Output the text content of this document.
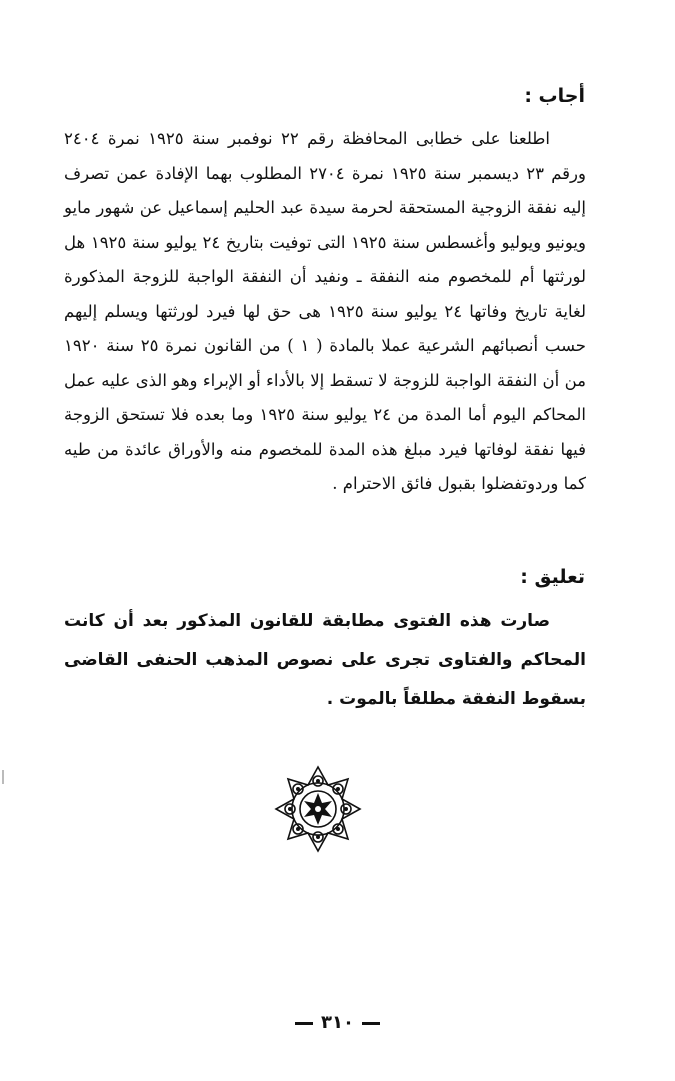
أجاب :

اطلعنا على خطابى المحافظة رقم ٢٢ نوفمبر سنة ١٩٢٥ نمرة ٢٤٠٤ ورقم ٢٣ ديسمبر سنة ١٩٢٥ نمرة ٢٧٠٤ المطلوب بهما الإفادة عمن تصرف إليه نفقة الزوجية المستحقة لحرمة سيدة عبد الحليم إسماعيل عن شهور مايو ويونيو ويوليو وأغسطس سنة ١٩٢٥ التى توفيت بتاريخ ٢٤ يوليو سنة ١٩٢٥ هل لورثتها أم للمخصوم منه النفقة ـ ونفيد أن النفقة الواجبة للزوجة المذكورة لغاية تاريخ وفاتها ٢٤ يوليو سنة ١٩٢٥ هى حق لها فيرد لورثتها ويسلم إليهم حسب أنصبائهم الشرعية عملا بالمادة ( ١ ) من القانون نمرة ٢٥ سنة ١٩٢٠ من أن النفقة الواجبة للزوجة لا تسقط إلا بالأداء أو الإبراء وهو الذى عليه عمل المحاكم اليوم أما المدة من ٢٤ يوليو سنة ١٩٢٥ وما بعده فلا تستحق الزوجة فيها نفقة لوفاتها فيرد مبلغ هذه المدة للمخصوم منه والأوراق عائدة من طيه كما وردوتفضلوا بقبول فائق الاحترام .

تعليق :

صارت هذه الفتوى مطابقة للقانون المذكور بعد أن كانت المحاكم والفتاوى تجرى على نصوص المذهب الحنفى القاضى بسقوط النفقة مطلقاً بالموت .

٣١٠
